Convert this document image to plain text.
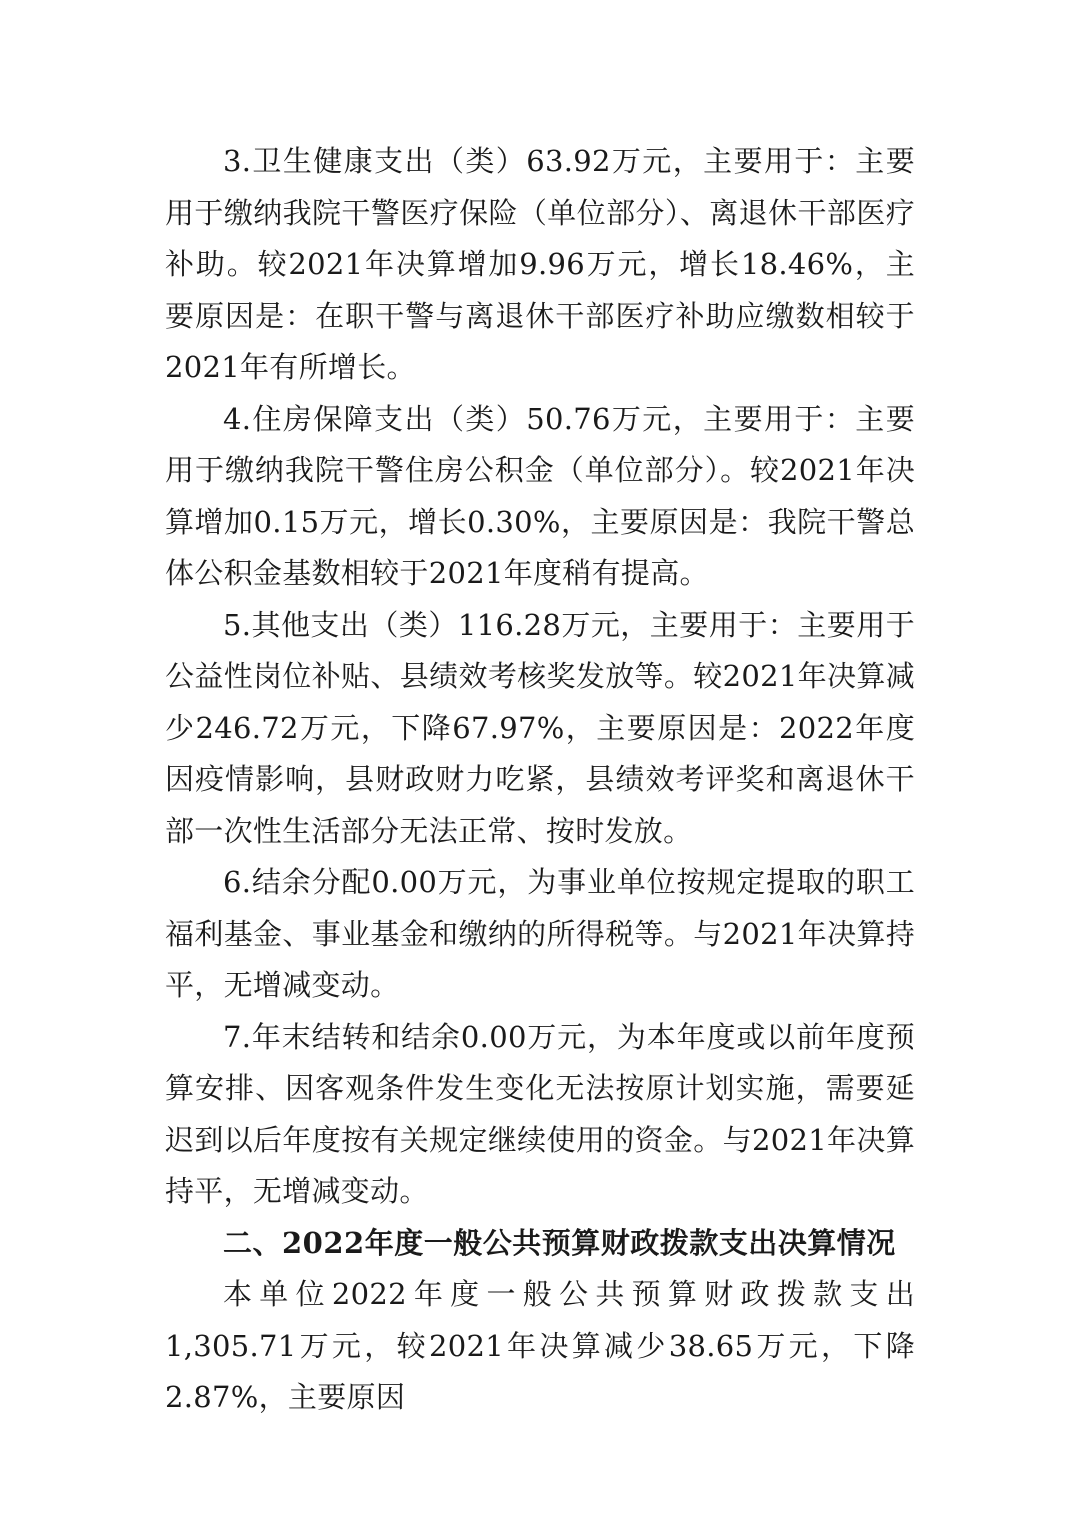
3.卫生健康支出（类）63.92万元，主要用于：主要用于缴纳我院干警医疗保险（单位部分）、离退休干部医疗补助。较2021年决算增加9.96万元，增长18.46%，主要原因是：在职干警与离退休干部医疗补助应缴数相较于2021年有所增长。

4.住房保障支出（类）50.76万元，主要用于：主要用于缴纳我院干警住房公积金（单位部分）。较2021年决算增加0.15万元，增长0.30%，主要原因是：我院干警总体公积金基数相较于2021年度稍有提高。

5.其他支出（类）116.28万元，主要用于：主要用于公益性岗位补贴、县绩效考核奖发放等。较2021年决算减少246.72万元，下降67.97%，主要原因是：2022年度因疫情影响，县财政财力吃紧，县绩效考评奖和离退休干部一次性生活部分无法正常、按时发放。

6.结余分配0.00万元，为事业单位按规定提取的职工福利基金、事业基金和缴纳的所得税等。与2021年决算持平，无增减变动。

7.年末结转和结余0.00万元，为本年度或以前年度预算安排、因客观条件发生变化无法按原计划实施，需要延迟到以后年度按有关规定继续使用的资金。与2021年决算持平，无增减变动。

二、2022年度一般公共预算财政拨款支出决算情况

本单位2022年度一般公共预算财政拨款支出1,305.71万元，较2021年决算减少38.65万元，下降2.87%，主要原因
